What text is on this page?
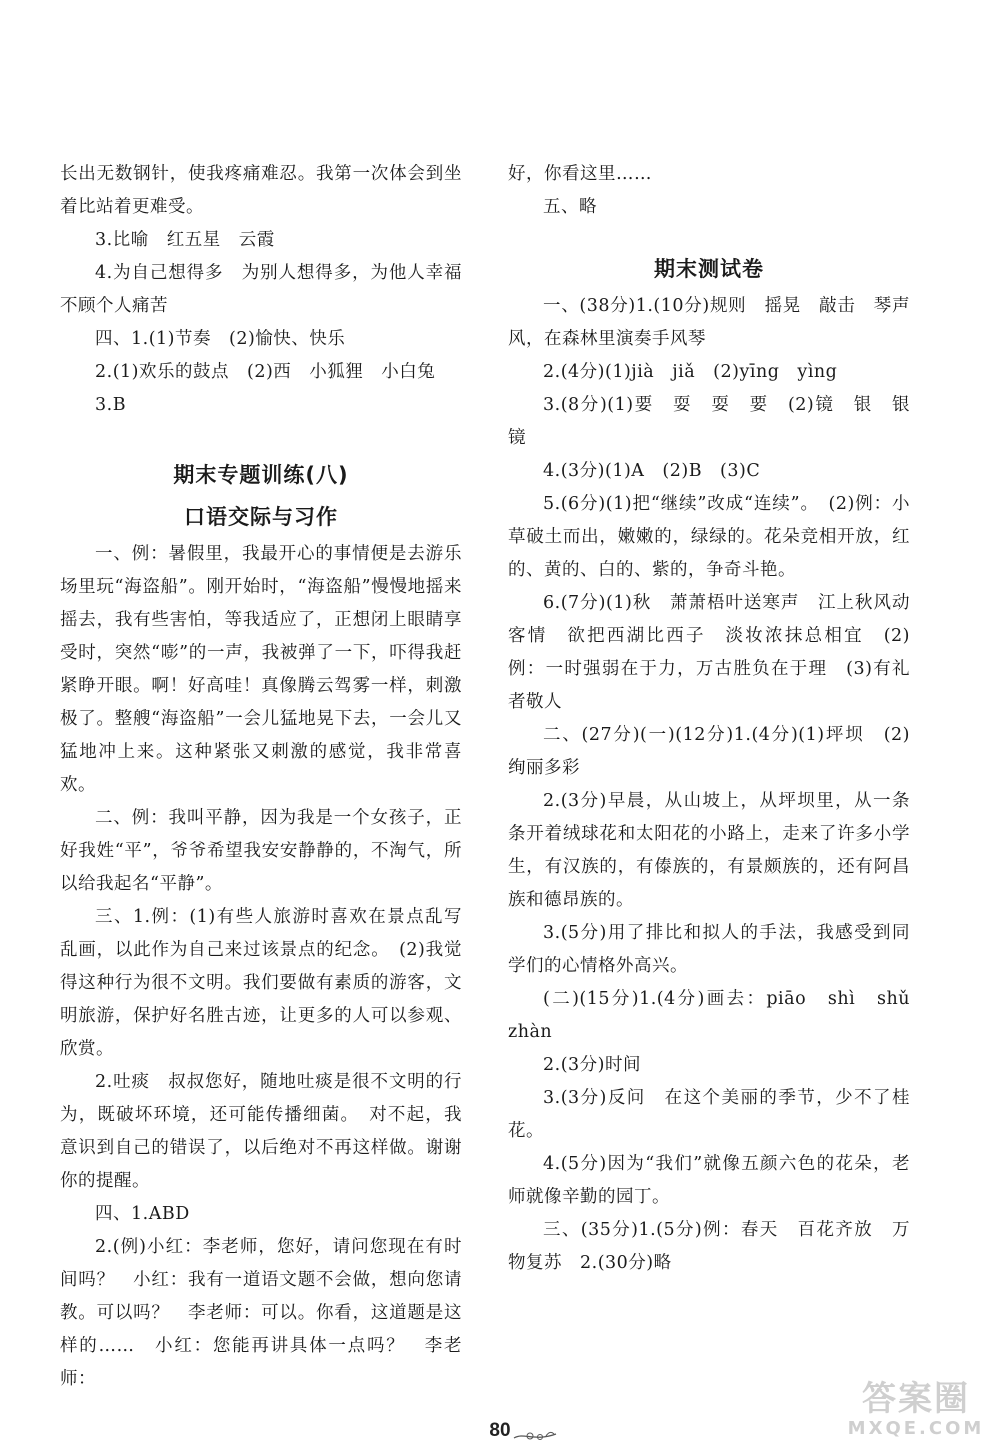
长出无数钢针，使我疼痛难忍。我第一次体会到坐着比站着更难受。

3.比喻　红五星　云霞

4.为自己想得多　为别人想得多，为他人幸福不顾个人痛苦

四、1.(1)节奏　(2)愉快、快乐

2.(1)欢乐的鼓点　(2)西　小狐狸　小白兔

3.B

期末专题训练(八)
口语交际与习作

一、例：暑假里，我最开心的事情便是去游乐场里玩“海盗船”。刚开始时，“海盗船”慢慢地摇来摇去，我有些害怕，等我适应了，正想闭上眼睛享受时，突然“嘭”的一声，我被弹了一下，吓得我赶紧睁开眼。啊！好高哇！真像腾云驾雾一样，刺激极了。整艘“海盗船”一会儿猛地晃下去，一会儿又猛地冲上来。这种紧张又刺激的感觉，我非常喜欢。

二、例：我叫平静，因为我是一个女孩子，正好我姓“平”，爷爷希望我安安静静的，不淘气，所以给我起名“平静”。

三、1.例：(1)有些人旅游时喜欢在景点乱写乱画，以此作为自己来过该景点的纪念。　(2)我觉得这种行为很不文明。我们要做有素质的游客，文明旅游，保护好名胜古迹，让更多的人可以参观、欣赏。

2.吐痰　叔叔您好，随地吐痰是很不文明的行为，既破坏环境，还可能传播细菌。　对不起，我意识到自己的错误了，以后绝对不再这样做。谢谢你的提醒。

四、1.ABD

2.(例)小红：李老师，您好，请问您现在有时间吗？　小红：我有一道语文题不会做，想向您请教。可以吗？　李老师：可以。你看，这道题是这样的……　小红：您能再讲具体一点吗？　李老师：

好，你看这里……

五、略

期末测试卷

一、(38分)1.(10分)规则　摇晃　敲击　琴声　风，在森林里演奏手风琴

2.(4分)(1)jià　jiǎ　(2)yīng　yìng

3.(8分)(1)要　耍　耍　要　(2)镜　银　银　镜

4.(3分)(1)A　(2)B　(3)C

5.(6分)(1)把“继续”改成“连续”。　(2)例：小草破土而出，嫩嫩的，绿绿的。花朵竞相开放，红的、黄的、白的、紫的，争奇斗艳。

6.(7分)(1)秋　萧萧梧叶送寒声　江上秋风动客情　欲把西湖比西子　淡妆浓抹总相宜　(2)例：一时强弱在于力，万古胜负在于理　(3)有礼者敬人

二、(27分)(一)(12分)1.(4分)(1)坪坝　(2)绚丽多彩

2.(3分)早晨，从山坡上，从坪坝里，从一条条开着绒球花和太阳花的小路上，走来了许多小学生，有汉族的，有傣族的，有景颇族的，还有阿昌族和德昂族的。

3.(5分)用了排比和拟人的手法，我感受到同学们的心情格外高兴。

(二)(15分)1.(4分)画去：piāo　shì　shǔ　zhàn

2.(3分)时间

3.(3分)反问　在这个美丽的季节，少不了桂花。

4.(5分)因为“我们”就像五颜六色的花朵，老师就像辛勤的园丁。

三、(35分)1.(5分)例：春天　百花齐放　万物复苏　2.(30分)略

80
答案圈
MXQE.COM
